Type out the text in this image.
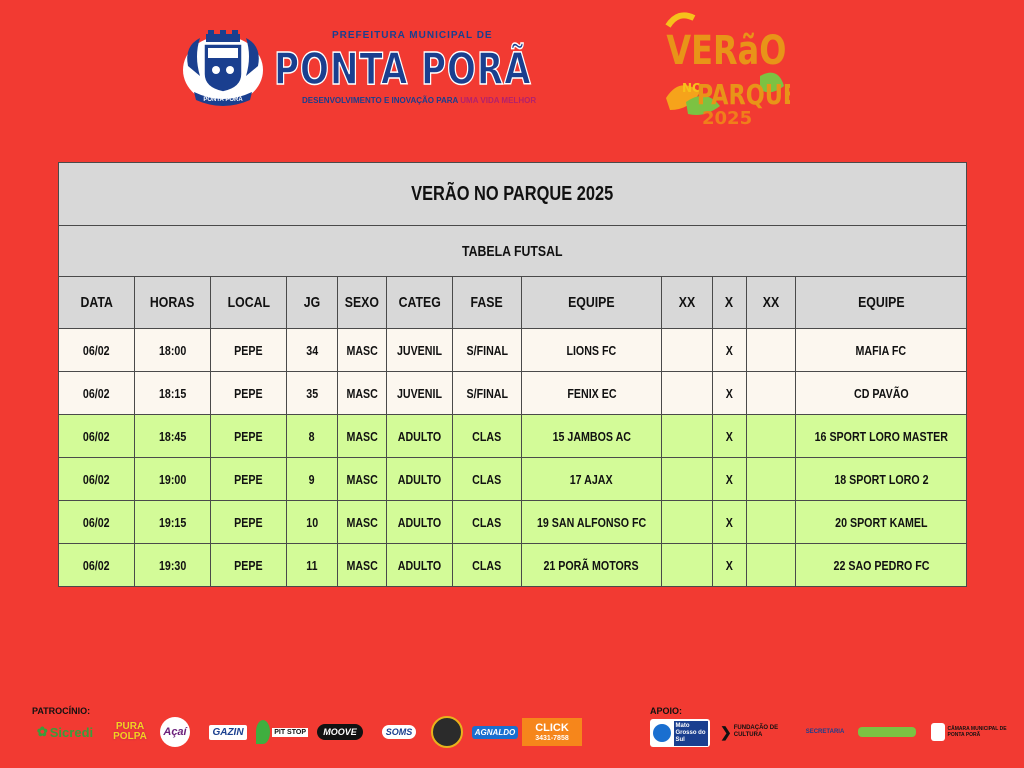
PONTA PORÃ
PREFEITURA MUNICIPAL DE
PONTA PORÃ
DESENVOLVIMENTO E INOVAÇÃO PARA UMA VIDA MELHOR
VERãO
NO
PARQUE
2025
VERÃO NO PARQUE 2025											
TABELA FUTSAL											
DATA	HORAS	LOCAL	JG	SEXO	CATEG	FASE	EQUIPE	XX	X	XX	EQUIPE
06/02	18:00	PEPE	34	MASC	JUVENIL	S/FINAL	LIONS FC		X		MAFIA FC
06/02	18:15	PEPE	35	MASC	JUVENIL	S/FINAL	FENIX EC		X		CD PAVÃO
06/02	18:45	PEPE	8	MASC	ADULTO	CLAS	15 JAMBOS AC		X		16 SPORT LORO MASTER
06/02	19:00	PEPE	9	MASC	ADULTO	CLAS	17 AJAX		X		18 SPORT LORO 2
06/02	19:15	PEPE	10	MASC	ADULTO	CLAS	19 SAN ALFONSO FC		X		20 SPORT KAMEL
06/02	19:30	PEPE	11	MASC	ADULTO	CLAS	21 PORÃ MOTORS		X		22 SAO PEDRO FC
PATROCÍNIO:	APOIO:
✿ Sicredi	PURA POLPA	Açaí	GAZIN	PIT STOP	MOOVE	SOMS	AGNALDO CLICK
3431-7858
Mato Grosso do Sul	❯ FUNDAÇÃO DE CULTURA	SECRETARIA	CÂMARA MUNICIPAL DE PONTA PORÃ
